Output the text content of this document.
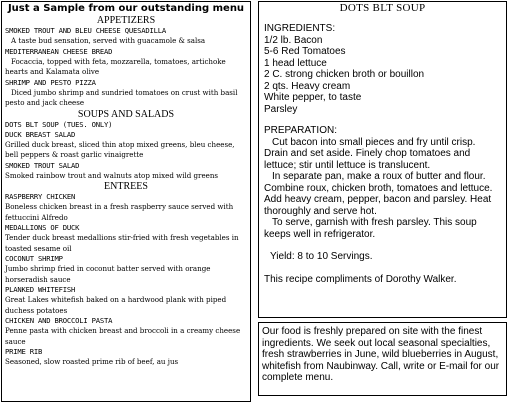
Just a Sample from our outstanding menu
APPETIZERS
SMOKED TROUT AND BLEU CHEESE QUESADILLA
A taste bud sensation, served with guacamole & salsa
MEDITERRANEAN CHEESE BREAD
Focaccia, topped with feta, mozzarella, tomatoes, artichoke hearts and Kalamata olive
SHRIMP AND PESTO PIZZA
Diced jumbo shrimp and sundried tomatoes on crust with basil pesto and jack cheese
SOUPS AND SALADS
DOTS BLT SOUP (TUES. ONLY)
DUCK BREAST SALAD
Grilled duck breast, sliced thin atop mixed greens, bleu cheese, bell peppers & roast garlic vinaigrette
SMOKED TROUT SALAD
Smoked rainbow trout and walnuts atop mixed wild greens
ENTREES
RASPBERRY CHICKEN
Boneless chicken breast in a fresh raspberry sauce served with fettuccini Alfredo
MEDALLIONS OF DUCK
Tender duck breast medallions stir-fried with fresh vegetables in toasted sesame oil
COCONUT SHRIMP
Jumbo shrimp fried in coconut batter served with orange horseradish sauce
PLANKED WHITEFISH
Great Lakes whitefish baked on a hardwood plank with piped duchess potatoes
CHICKEN AND BROCCOLI PASTA
Penne pasta with chicken breast and broccoli in a creamy cheese sauce
PRIME RIB
Seasoned, slow roasted prime rib of beef, au jus
DOTS BLT SOUP
INGREDIENTS:
1/2 lb. Bacon
5-6 Red Tomatoes
1 head lettuce
2 C. strong chicken broth or bouillon
2 qts. Heavy cream
White pepper, to taste
Parsley
PREPARATION:
Cut bacon into small pieces and fry until crisp. Drain and set aside. Finely chop tomatoes and lettuce; stir until lettuce is translucent.
In separate pan, make a roux of butter and flour. Combine roux, chicken broth, tomatoes and lettuce. Add heavy cream, pepper, bacon and parsley. Heat thoroughly and serve hot.
To serve, garnish with fresh parsley. This soup keeps well in refrigerator.
Yield: 8 to 10 Servings.
This recipe compliments of Dorothy Walker.
Our food is freshly prepared on site with the finest ingredients. We seek out local seasonal specialties, fresh strawberries in June, wild blueberries in August, whitefish from Naubinway. Call, write or E-mail for our complete menu.
